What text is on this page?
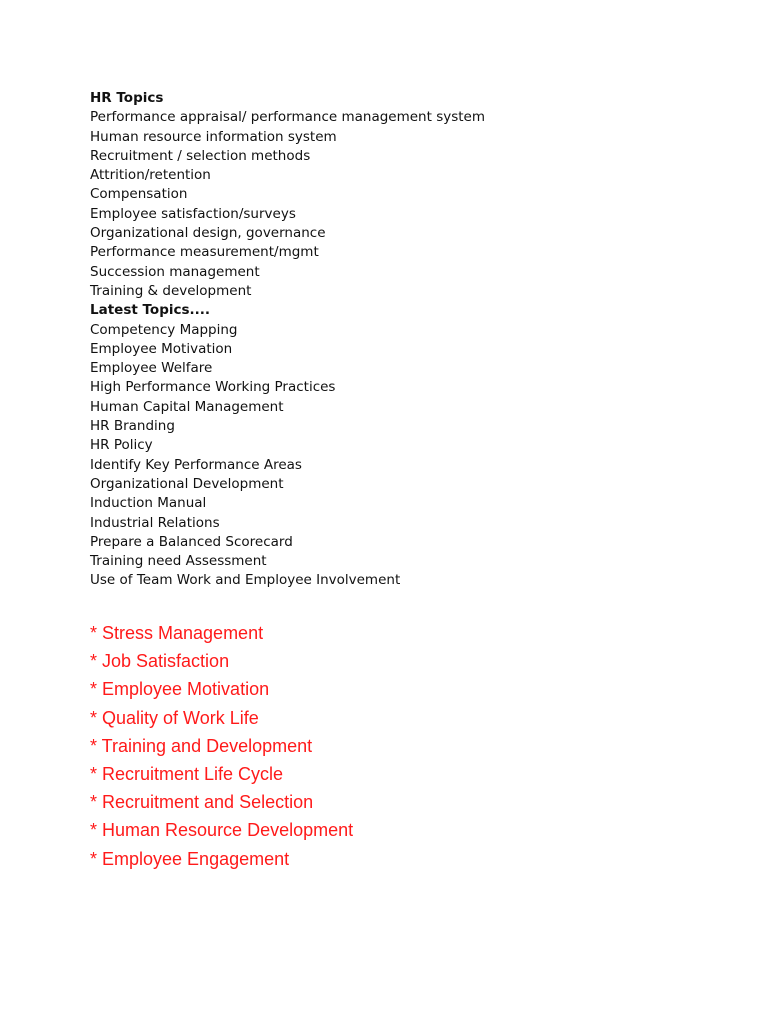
HR Topics
Performance appraisal/ performance management system
Human resource information system
Recruitment / selection methods
Attrition/retention
Compensation
Employee satisfaction/surveys
Organizational design, governance
Performance measurement/mgmt
Succession management
Training & development
Latest Topics....
Competency Mapping
Employee Motivation
Employee Welfare
High Performance Working Practices
Human Capital Management
HR Branding
HR Policy
Identify Key Performance Areas
Organizational Development
Induction Manual
Industrial Relations
Prepare a Balanced Scorecard
Training need Assessment
Use of Team Work and Employee Involvement
* Stress Management
* Job Satisfaction
* Employee Motivation
* Quality of Work Life
* Training and Development
* Recruitment Life Cycle
* Recruitment and Selection
* Human Resource Development
* Employee Engagement
